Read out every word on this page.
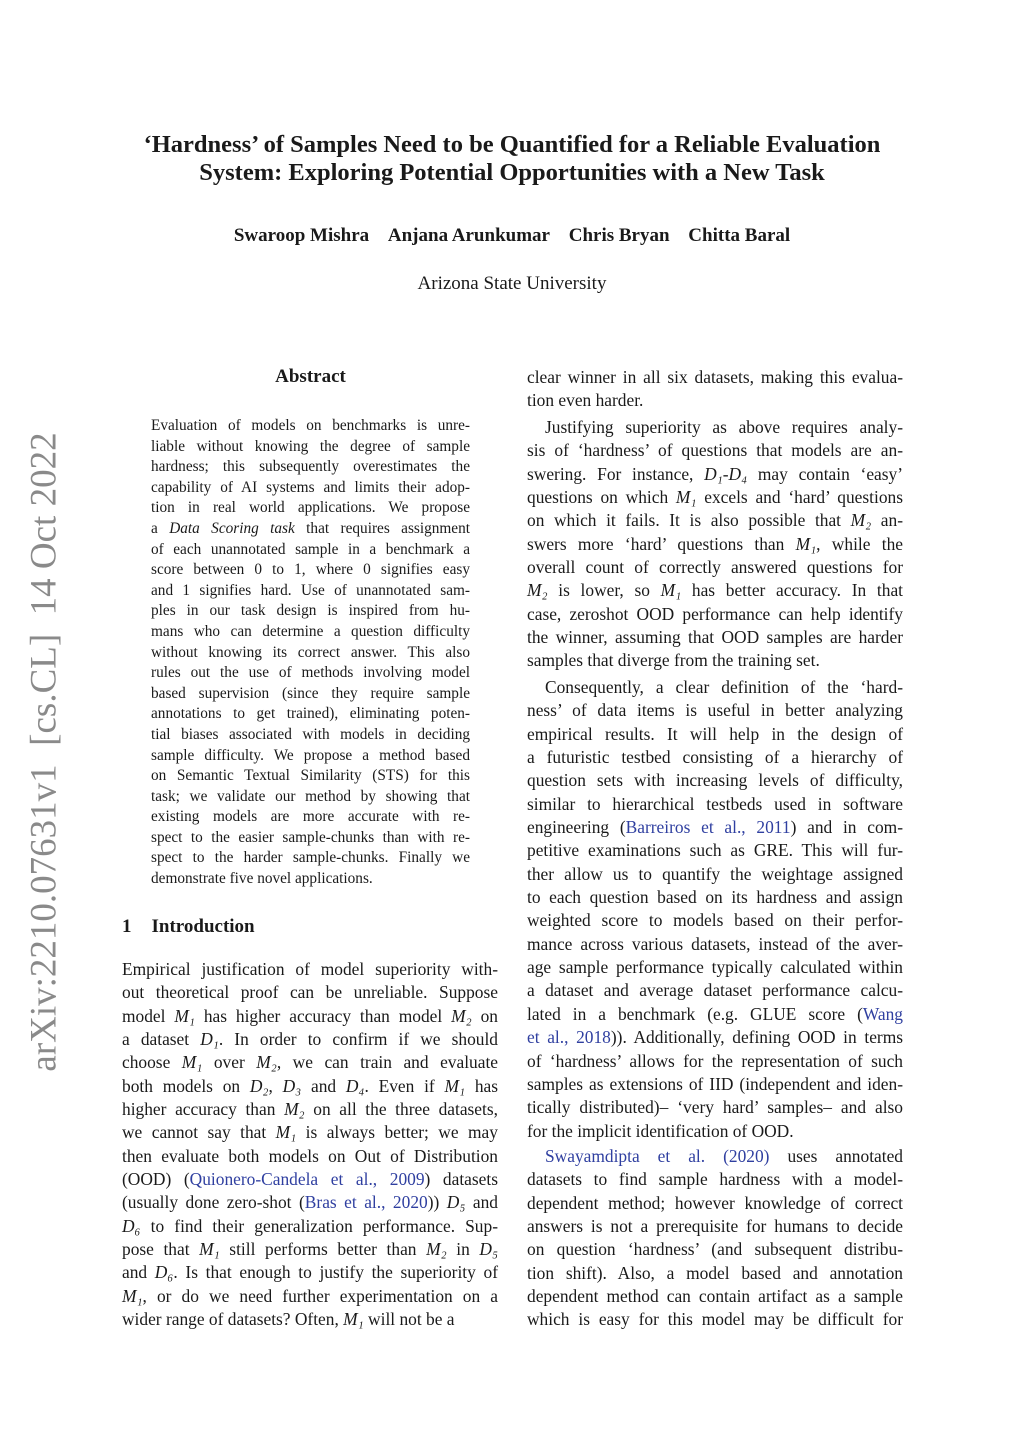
arXiv:2210.07631v1  [cs.CL]  14 Oct 2022
‘Hardness’ of Samples Need to be Quantified for a Reliable Evaluation
System: Exploring Potential Opportunities with a New Task
Swaroop Mishra Anjana Arunkumar Chris Bryan Chitta Baral
Arizona State University
Abstract
Evaluation of models on benchmarks is unre-
liable without knowing the degree of sample
hardness; this subsequently overestimates the
capability of AI systems and limits their adop-
tion in real world applications. We propose
a Data Scoring task that requires assignment
of each unannotated sample in a benchmark a
score between 0 to 1, where 0 signifies easy
and 1 signifies hard. Use of unannotated sam-
ples in our task design is inspired from hu-
mans who can determine a question difficulty
without knowing its correct answer. This also
rules out the use of methods involving model
based supervision (since they require sample
annotations to get trained), eliminating poten-
tial biases associated with models in deciding
sample difficulty. We propose a method based
on Semantic Textual Similarity (STS) for this
task; we validate our method by showing that
existing models are more accurate with re-
spect to the easier sample-chunks than with re-
spect to the harder sample-chunks. Finally we
demonstrate five novel applications.
1 Introduction
Empirical justification of model superiority with-
out theoretical proof can be unreliable. Suppose
model M₁ has higher accuracy than model M₂ on
a dataset D₁. In order to confirm if we should
choose M₁ over M₂, we can train and evaluate
both models on D₂, D₃ and D₄. Even if M₁ has
higher accuracy than M₂ on all the three datasets,
we cannot say that M₁ is always better; we may
then evaluate both models on Out of Distribution
(OOD) (Quionero-Candela et al., 2009) datasets
(usually done zero-shot (Bras et al., 2020)) D₅ and
D₆ to find their generalization performance. Sup-
pose that M₁ still performs better than M₂ in D₅
and D₆. Is that enough to justify the superiority of
M₁, or do we need further experimentation on a
wider range of datasets? Often, M₁ will not be a
clear winner in all six datasets, making this evalua-
tion even harder.
Justifying superiority as above requires analy-
sis of ‘hardness’ of questions that models are an-
swering. For instance, D₁-D₄ may contain ‘easy’
questions on which M₁ excels and ‘hard’ questions
on which it fails. It is also possible that M₂ an-
swers more ‘hard’ questions than M₁, while the
overall count of correctly answered questions for
M₂ is lower, so M₁ has better accuracy. In that
case, zeroshot OOD performance can help identify
the winner, assuming that OOD samples are harder
samples that diverge from the training set.
Consequently, a clear definition of the ‘hard-
ness’ of data items is useful in better analyzing
empirical results. It will help in the design of
a futuristic testbed consisting of a hierarchy of
question sets with increasing levels of difficulty,
similar to hierarchical testbeds used in software
engineering (Barreiros et al., 2011) and in com-
petitive examinations such as GRE. This will fur-
ther allow us to quantify the weightage assigned
to each question based on its hardness and assign
weighted score to models based on their perfor-
mance across various datasets, instead of the aver-
age sample performance typically calculated within
a dataset and average dataset performance calcu-
lated in a benchmark (e.g. GLUE score (Wang
et al., 2018)). Additionally, defining OOD in terms
of ‘hardness’ allows for the representation of such
samples as extensions of IID (independent and iden-
tically distributed)– ‘very hard’ samples– and also
for the implicit identification of OOD.
Swayamdipta et al. (2020) uses annotated
datasets to find sample hardness with a model-
dependent method; however knowledge of correct
answers is not a prerequisite for humans to decide
on question ‘hardness’ (and subsequent distribu-
tion shift). Also, a model based and annotation
dependent method can contain artifact as a sample
which is easy for this model may be difficult for
